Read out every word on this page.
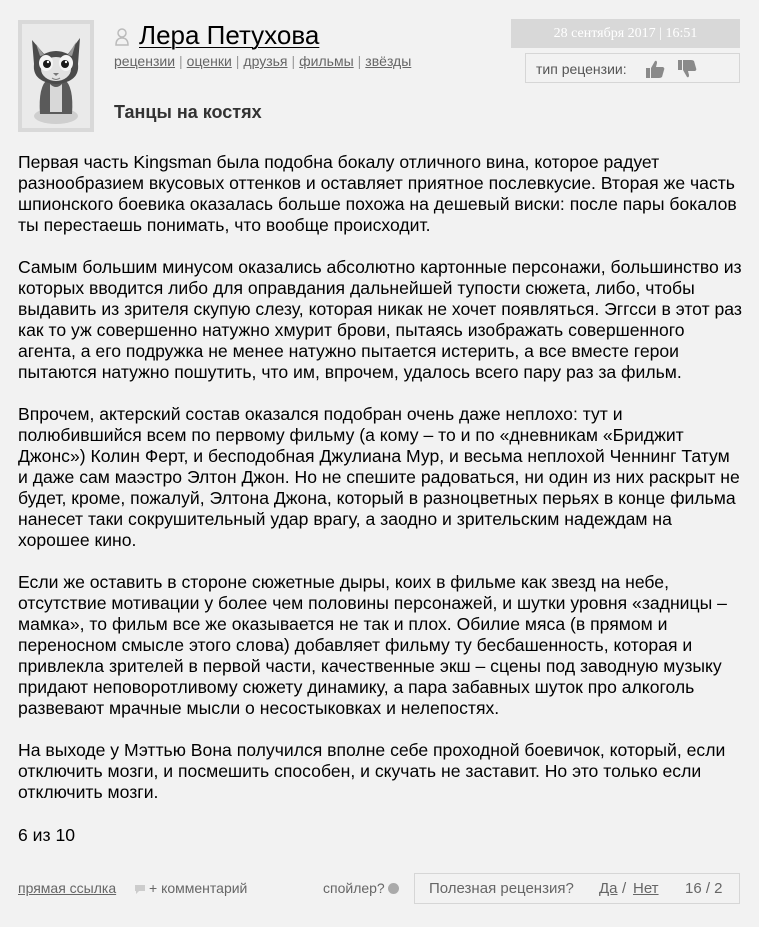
Лера Петухова
рецензии | оценки | друзья | фильмы | звёзды
28 сентября 2017 | 16:51
тип рецензии:
Танцы на костях

Первая часть Kingsman была подобна бокалу отличного вина, которое радует разнообразием вкусовых оттенков и оставляет приятное послевкусие. Вторая же часть шпионского боевика оказалась больше похожа на дешевый виски: после пары бокалов ты перестаешь понимать, что вообще происходит.

Самым большим минусом оказались абсолютно картонные персонажи, большинство из которых вводится либо для оправдания дальнейшей тупости сюжета, либо, чтобы выдавить из зрителя скупую слезу, которая никак не хочет появляться. Эггсси в этот раз как то уж совершенно натужно хмурит брови, пытаясь изображать совершенного агента, а его подружка не менее натужно пытается истерить, а все вместе герои пытаются натужно пошутить, что им, впрочем, удалось всего пару раз за фильм.

Впрочем, актерский состав оказался подобран очень даже неплохо: тут и полюбившийся всем по первому фильму (а кому – то и по «дневникам «Бриджит Джонс») Колин Ферт, и бесподобная Джулиана Мур, и весьма неплохой Ченнинг Татум и даже сам маэстро Элтон Джон. Но не спешите радоваться, ни один из них раскрыт не будет, кроме, пожалуй, Элтона Джона, который в разноцветных перьях в конце фильма нанесет таки сокрушительный удар врагу, а заодно и зрительским надеждам на хорошее кино.

Если же оставить в стороне сюжетные дыры, коих в фильме как звезд на небе, отсутствие мотивации у более чем половины персонажей, и шутки уровня «задницы – мамка», то фильм все же оказывается не так и плох. Обилие мяса (в прямом и переносном смысле этого слова) добавляет фильму ту бесбашенность, которая и привлекла зрителей в первой части, качественные экш – сцены под заводную музыку придают неповоротливому сюжету динамику, а пара забавных шуток про алкоголь развевают мрачные мысли о несостыковках и нелепостях.

На выходе у Мэттью Вона получился вполне себе проходной боевичок, который, если отключить мозги, и посмешить способен, и скучать не заставит. Но это только если отключить мозги.

6 из 10
прямая ссылка	+ комментарий	спойлер?	Полезная рецензия? Да / Нет 16 / 2
